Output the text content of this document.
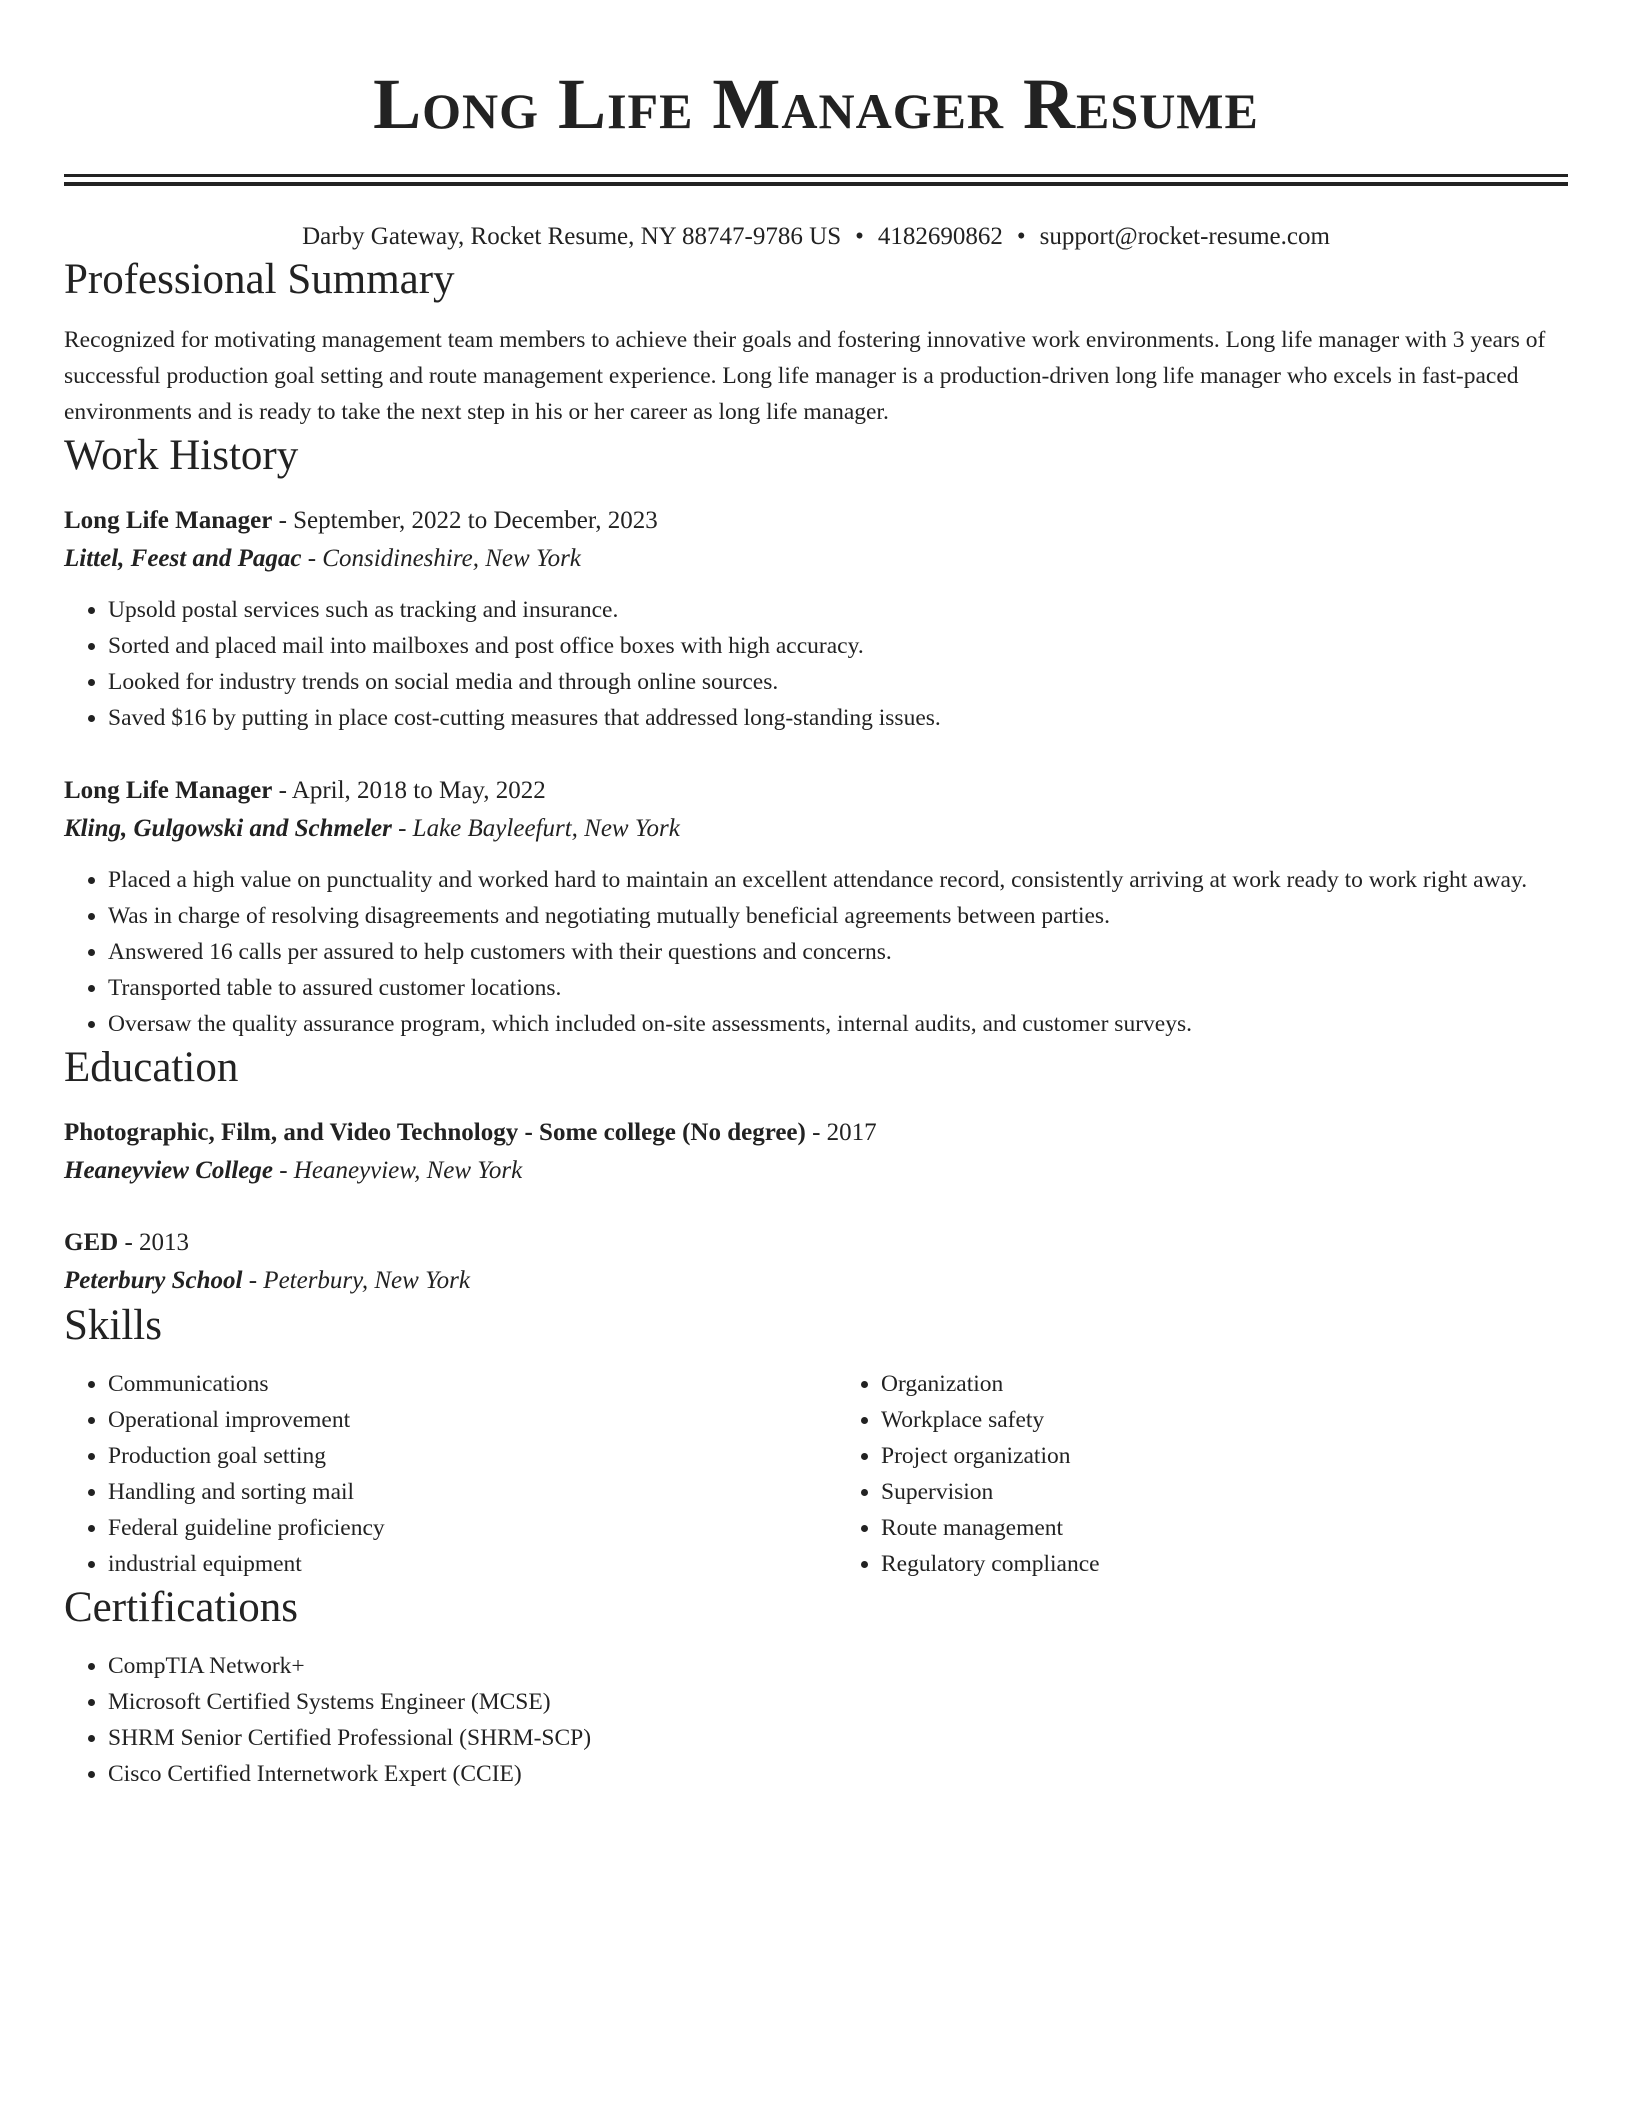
Long Life Manager Resume
Darby Gateway, Rocket Resume, NY 88747-9786 US • 4182690862 • support@rocket-resume.com
Professional Summary
Recognized for motivating management team members to achieve their goals and fostering innovative work environments. Long life manager with 3 years of successful production goal setting and route management experience. Long life manager is a production-driven long life manager who excels in fast-paced environments and is ready to take the next step in his or her career as long life manager.
Work History
Long Life Manager - September, 2022 to December, 2023
Littel, Feest and Pagac - Considineshire, New York
• Upsold postal services such as tracking and insurance.
• Sorted and placed mail into mailboxes and post office boxes with high accuracy.
• Looked for industry trends on social media and through online sources.
• Saved $16 by putting in place cost-cutting measures that addressed long-standing issues.
Long Life Manager - April, 2018 to May, 2022
Kling, Gulgowski and Schmeler - Lake Bayleefurt, New York
• Placed a high value on punctuality and worked hard to maintain an excellent attendance record, consistently arriving at work ready to work right away.
• Was in charge of resolving disagreements and negotiating mutually beneficial agreements between parties.
• Answered 16 calls per assured to help customers with their questions and concerns.
• Transported table to assured customer locations.
• Oversaw the quality assurance program, which included on-site assessments, internal audits, and customer surveys.
Education
Photographic, Film, and Video Technology - Some college (No degree) - 2017
Heaneyview College - Heaneyview, New York
GED - 2013
Peterbury School - Peterbury, New York
Skills
• Communications
• Operational improvement
• Production goal setting
• Handling and sorting mail
• Federal guideline proficiency
• industrial equipment
• Organization
• Workplace safety
• Project organization
• Supervision
• Route management
• Regulatory compliance
Certifications
• CompTIA Network+
• Microsoft Certified Systems Engineer (MCSE)
• SHRM Senior Certified Professional (SHRM-SCP)
• Cisco Certified Internetwork Expert (CCIE)
